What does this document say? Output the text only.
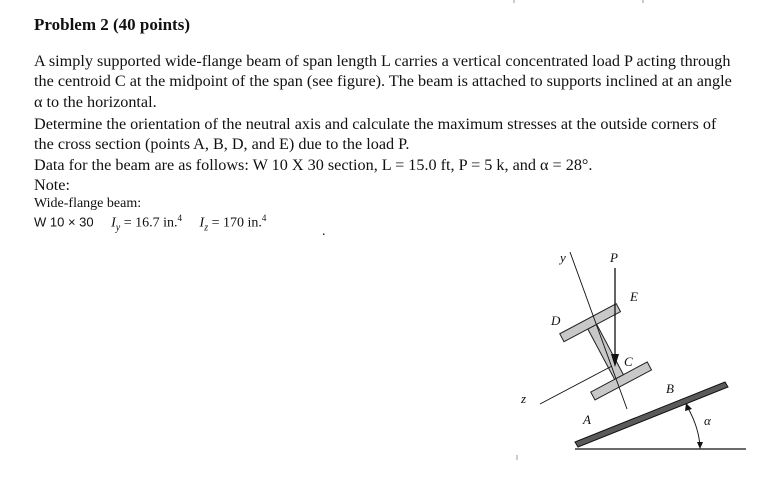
Problem 2 (40 points)
A simply supported wide-flange beam of span length L carries a vertical concentrated load P acting through the centroid C at the midpoint of the span (see figure). The beam is attached to supports inclined at an angle α to the horizontal.
Determine the orientation of the neutral axis and calculate the maximum stresses at the outside corners of the cross section (points A, B, D, and E) due to the load P.
Data for the beam are as follows: W 10 X 30 section, L = 15.0 ft, P = 5 k, and α = 28°.
Note:
Wide-flange beam:
W 10 × 30 $I_y = 16.7$ in.$^4$ $I_z = 170$ in.$^4$
.
y	P
E
D
C
B
z
A	α
